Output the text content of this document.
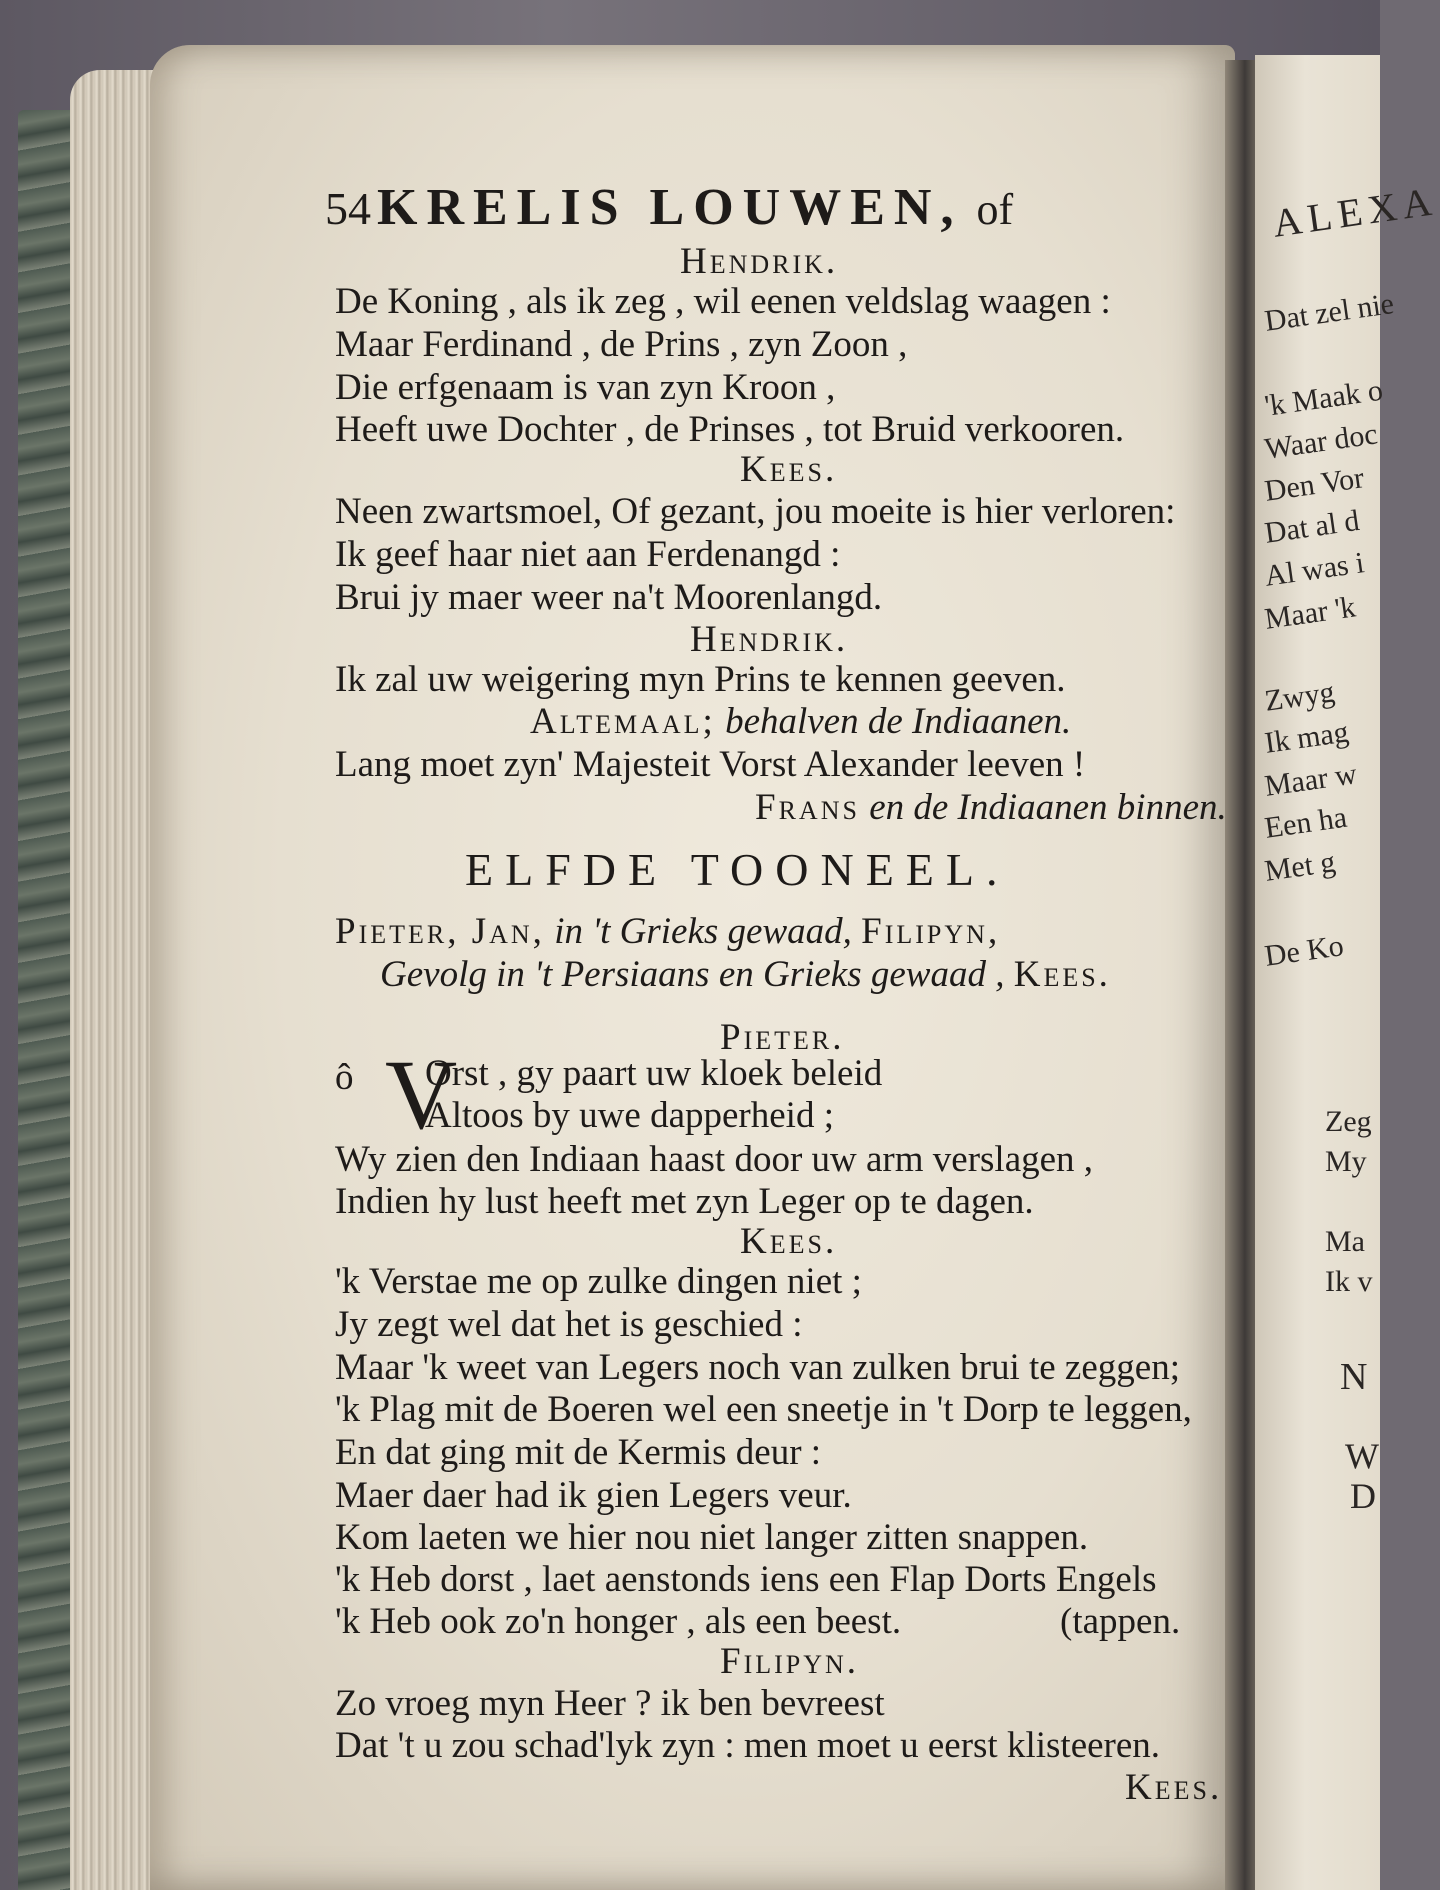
ALEXA
Dat zel nie
'k Maak o
Waar doc
Den Vor
Dat al d
Al was i
Maar 'k
Zwyg
Ik mag
Maar w
Een ha
Met g
De Ko
Zeg
My
Ma
Ik v
N
W
D
54 KRELIS LOUWEN, of
Hendrik.
De Koning , als ik zeg , wil eenen veldslag waagen :
Maar Ferdinand , de Prins , zyn Zoon ,
Die erfgenaam is van zyn Kroon ,
Heeft uwe Dochter , de Prinses , tot Bruid verkooren.
Kees.
Neen zwartsmoel, Of gezant, jou moeite is hier verloren:
Ik geef haar niet aan Ferdenangd :
Brui jy maer weer na't Moorenlangd.
Hendrik.
Ik zal uw weigering myn Prins te kennen geeven.
Altemaal; behalven de Indiaanen.
Lang moet zyn' Majesteit Vorst Alexander leeven !
Frans en de Indiaanen binnen.
ELFDE TOONEEL.
Pieter, Jan, in 't Grieks gewaad, Filipyn,
Gevolg in 't Persiaans en Grieks gewaad , Kees.
Pieter.
ô Orst , gy paart uw kloek beleid
Altoos by uwe dapperheid ;
Wy zien den Indiaan haast door uw arm verslagen ,
Indien hy lust heeft met zyn Leger op te dagen.
Kees.
'k Verstae me op zulke dingen niet ;
Jy zegt wel dat het is geschied :
Maar 'k weet van Legers noch van zulken brui te zeggen;
'k Plag mit de Boeren wel een sneetje in 't Dorp te leggen,
En dat ging mit de Kermis deur :
Maer daer had ik gien Legers veur.
Kom laeten we hier nou niet langer zitten snappen.
'k Heb dorst , laet aenstonds iens een Flap Dorts Engels
'k Heb ook zo'n honger , als een beest.	(tappen.
Filipyn.
Zo vroeg myn Heer ? ik ben bevreest
Dat 't u zou schad'lyk zyn : men moet u eerst klisteeren.
Kees.
V
